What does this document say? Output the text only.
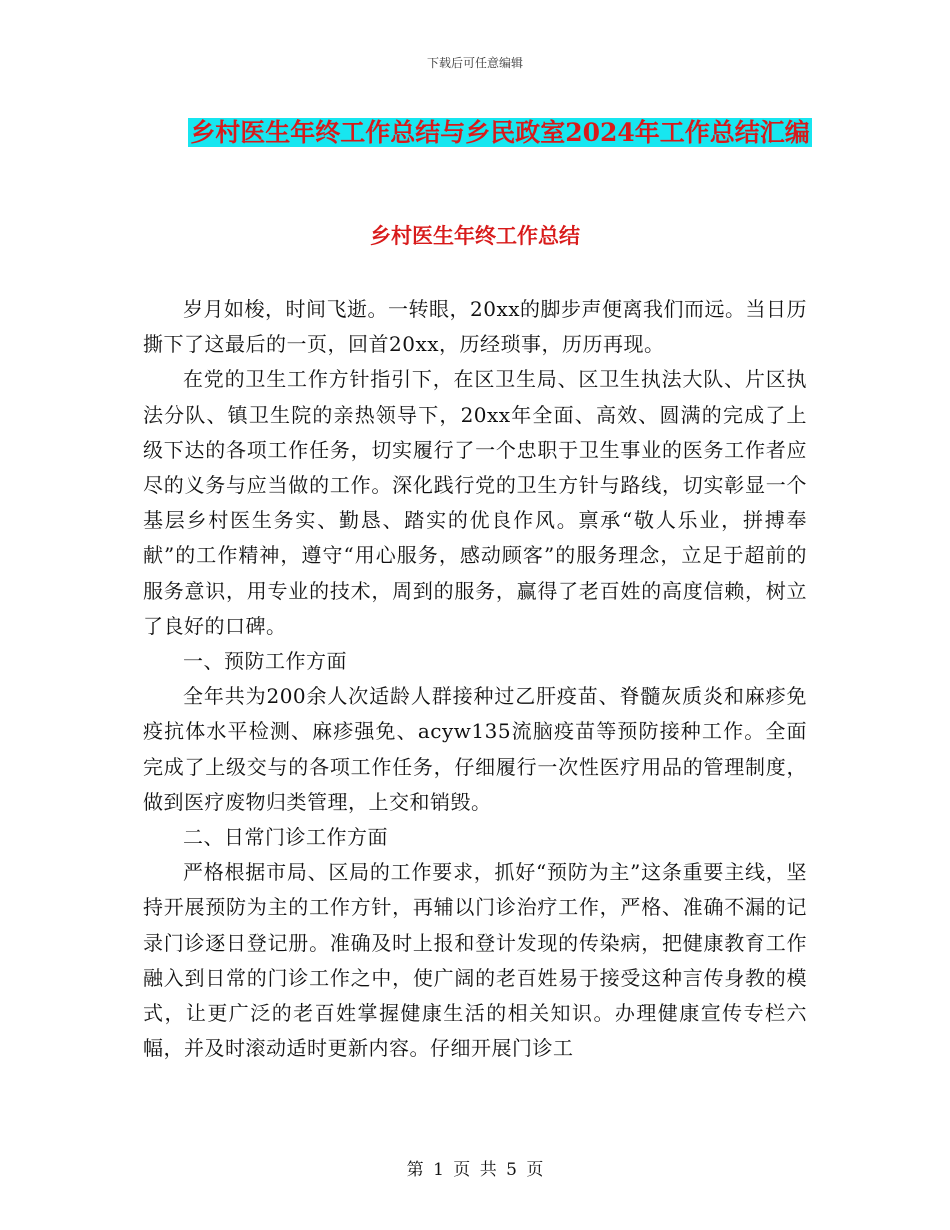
下载后可任意编辑
乡村医生年终工作总结与乡民政室2024年工作总结汇编
乡村医生年终工作总结

岁月如梭，时间飞逝。一转眼，20xx的脚步声便离我们而远。当日历撕下了这最后的一页，回首20xx，历经琐事，历历再现。

在党的卫生工作方针指引下，在区卫生局、区卫生执法大队、片区执法分队、镇卫生院的亲热领导下，20xx年全面、高效、圆满的完成了上级下达的各项工作任务，切实履行了一个忠职于卫生事业的医务工作者应尽的义务与应当做的工作。深化践行党的卫生方针与路线，切实彰显一个基层乡村医生务实、勤恳、踏实的优良作风。禀承“敬人乐业，拼搏奉献”的工作精神，遵守“用心服务，感动顾客”的服务理念，立足于超前的服务意识，用专业的技术，周到的服务，赢得了老百姓的高度信赖，树立了良好的口碑。

一、预防工作方面

全年共为200余人次适龄人群接种过乙肝疫苗、脊髓灰质炎和麻疹免疫抗体水平检测、麻疹强免、acyw135流脑疫苗等预防接种工作。全面完成了上级交与的各项工作任务，仔细履行一次性医疗用品的管理制度，做到医疗废物归类管理，上交和销毁。

二、日常门诊工作方面

严格根据市局、区局的工作要求，抓好“预防为主”这条重要主线，坚持开展预防为主的工作方针，再辅以门诊治疗工作，严格、准确不漏的记录门诊逐日登记册。准确及时上报和登计发现的传染病，把健康教育工作融入到日常的门诊工作之中，使广阔的老百姓易于接受这种言传身教的模式，让更广泛的老百姓掌握健康生活的相关知识。办理健康宣传专栏六幅，并及时滚动适时更新内容。仔细开展门诊工

第 1 页 共 5 页
